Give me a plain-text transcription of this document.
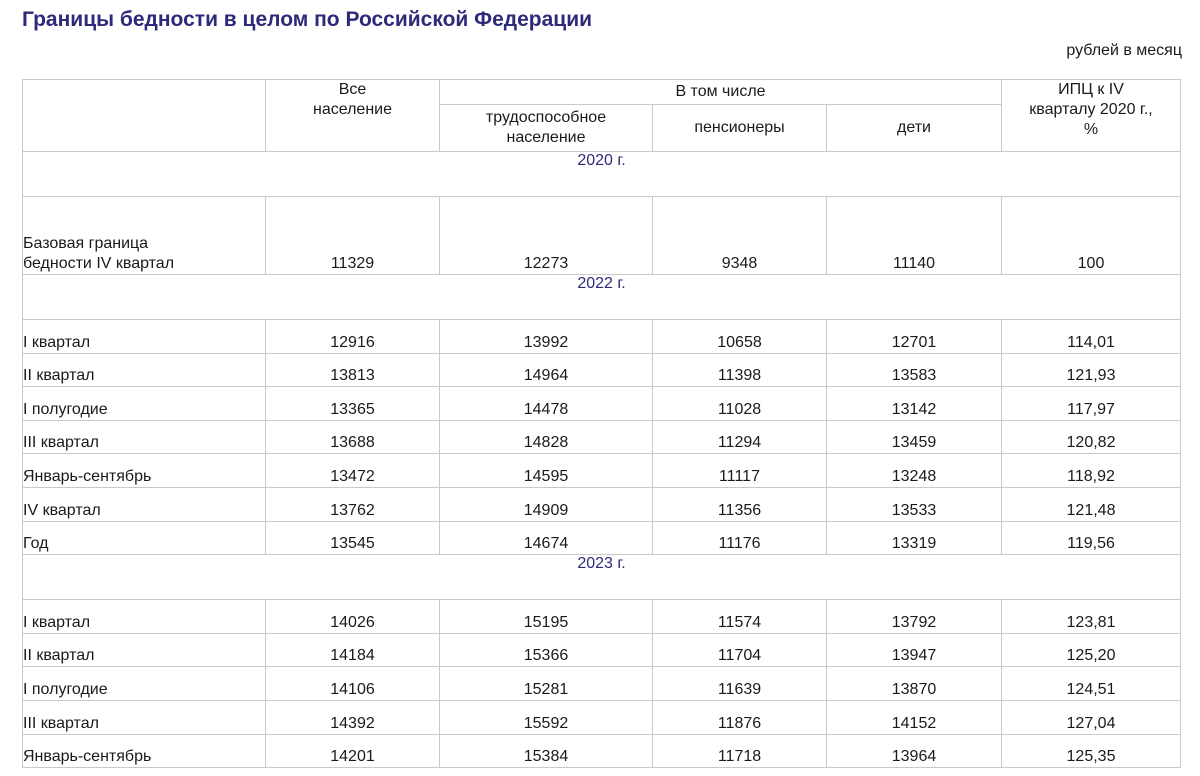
Границы бедности в целом по Российской Федерации
рублей в месяц
	Все население	В том числе			ИПЦ к IV кварталу 2020 г., %
		трудоспособное население	пенсионеры	дети	
2020 г.					
Базовая граница бедности IV квартал	11329	12273	9348	11140	100
2022 г.					
I квартал	12916	13992	10658	12701	114,01
II квартал	13813	14964	11398	13583	121,93
I полугодие	13365	14478	11028	13142	117,97
III квартал	13688	14828	11294	13459	120,82
Январь-сентябрь	13472	14595	11117	13248	118,92
IV квартал	13762	14909	11356	13533	121,48
Год	13545	14674	11176	13319	119,56
2023 г.					
I квартал	14026	15195	11574	13792	123,81
II квартал	14184	15366	11704	13947	125,20
I полугодие	14106	15281	11639	13870	124,51
III квартал	14392	15592	11876	14152	127,04
Январь-сентябрь	14201	15384	11718	13964	125,35
